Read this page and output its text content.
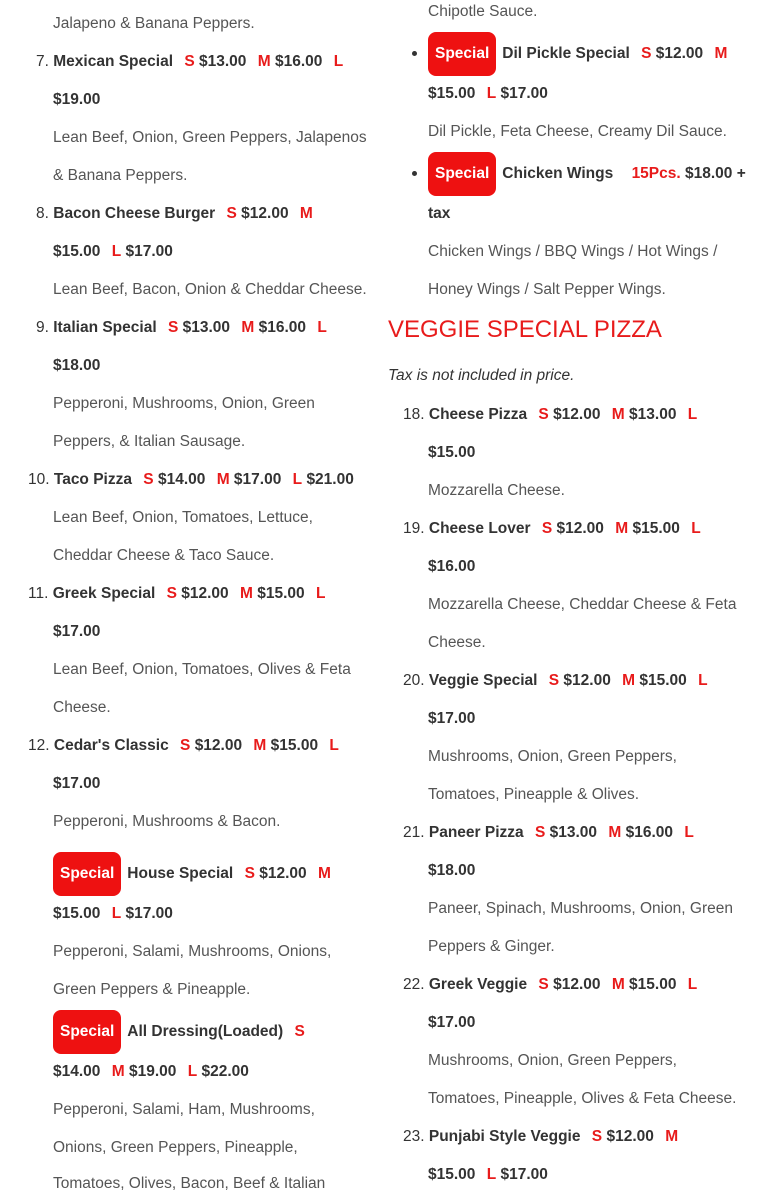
Jalapeno & Banana Peppers.
7. Mexican Special S $13.00 M $16.00 L
$19.00
Lean Beef, Onion, Green Peppers, Jalapenos
& Banana Peppers.
8. Bacon Cheese Burger S $12.00 M
$15.00 L $17.00
Lean Beef, Bacon, Onion & Cheddar Cheese.
9. Italian Special S $13.00 M $16.00 L
$18.00
Pepperoni, Mushrooms, Onion, Green
Peppers, & Italian Sausage.
10. Taco Pizza S $14.00 M $17.00 L $21.00
Lean Beef, Onion, Tomatoes, Lettuce,
Cheddar Cheese & Taco Sauce.
11. Greek Special S $12.00 M $15.00 L
$17.00
Lean Beef, Onion, Tomatoes, Olives & Feta
Cheese.
12. Cedar's Classic S $12.00 M $15.00 L
$17.00
Pepperoni, Mushrooms & Bacon.
Special House Special S $12.00 M
$15.00 L $17.00
Pepperoni, Salami, Mushrooms, Onions,
Green Peppers & Pineapple.
Special All Dressing(Loaded) S
$14.00 M $19.00 L $22.00
Pepperoni, Salami, Ham, Mushrooms,
Onions, Green Peppers, Pineapple,
Tomatoes, Olives, Bacon, Beef & Italian
Chipotle Sauce.
Special Dil Pickle Special S $12.00 M
$15.00 L $17.00
Dil Pickle, Feta Cheese, Creamy Dil Sauce.
Special Chicken Wings 15Pcs. $18.00 +
tax
Chicken Wings / BBQ Wings / Hot Wings /
Honey Wings / Salt Pepper Wings.
VEGGIE SPECIAL PIZZA
Tax is not included in price.
18. Cheese Pizza S $12.00 M $13.00 L
$15.00
Mozzarella Cheese.
19. Cheese Lover S $12.00 M $15.00 L
$16.00
Mozzarella Cheese, Cheddar Cheese & Feta
Cheese.
20. Veggie Special S $12.00 M $15.00 L
$17.00
Mushrooms, Onion, Green Peppers,
Tomatoes, Pineapple & Olives.
21. Paneer Pizza S $13.00 M $16.00 L
$18.00
Paneer, Spinach, Mushrooms, Onion, Green
Peppers & Ginger.
22. Greek Veggie S $12.00 M $15.00 L
$17.00
Mushrooms, Onion, Green Peppers,
Tomatoes, Pineapple, Olives & Feta Cheese.
23. Punjabi Style Veggie S $12.00 M
$15.00 L $17.00
